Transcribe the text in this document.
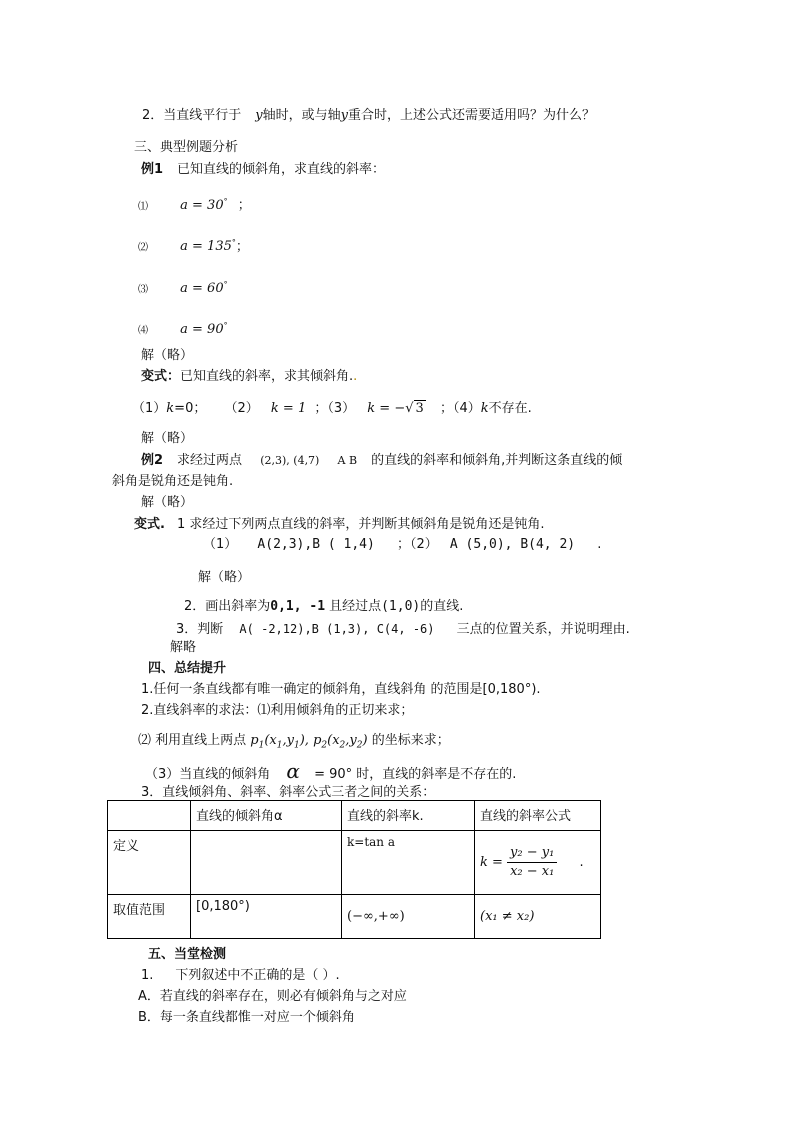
2．当直线平行于 y轴时，或与轴y重合时，上述公式还需要适用吗？为什么？
三、典型例题分析
例1 已知直线的倾斜角，求直线的斜率：
⑴ a = 30° ；
⑵ a = 135°；
⑶ a = 60°
⑷ a = 90°
解（略）
变式：已知直线的斜率，求其倾斜角..
（1）k=0； （2） k = 1 ；（3） k = −√ 3 ；（4）k不存在.
解（略）
例2 求经过两点 (2,3), (4,7) A B 的直线的斜率和倾斜角,并判断这条直线的倾
斜角是锐角还是钝角.
解（略）
变式. 1 求经过下列两点直线的斜率，并判断其倾斜角是锐角还是钝角.
（1） A(2,3),B ( 1,4) ；（2） A (5,0), B(4, 2) .
解（略）
2．画出斜率为0,1, -1 且经过点(1,0)的直线.
3．判断 A( -2,12),B (1,3), C(4, -6) 三点的位置关系，并说明理由.
解略
四、总结提升
1.任何一条直线都有唯一确定的倾斜角，直线斜角 的范围是[0,180°).
2.直线斜率的求法：⑴利用倾斜角的正切来求；
⑵ 利用直线上两点 $p_1(x_1,y_1)$, $p_2(x_2,y_2)$ 的坐标来求；
（3）当直线的倾斜角 α = 90° 时，直线的斜率是不存在的.
3．直线倾斜角、斜率、斜率公式三者之间的关系：
	直线的倾斜角α	直线的斜率k.	直线的斜率公式
定义		k=tan a	$k = \frac{\text{y₂ − y₁}}{\text{x₂ − x₁}}$ .
取值范围	[0,180°)	(−∞,+∞)	(x₁ ≠ x₂)
五、当堂检测
1. 下列叙述中不正确的是（ ）.
A．若直线的斜率存在，则必有倾斜角与之对应
B．每一条直线都惟一对应一个倾斜角
